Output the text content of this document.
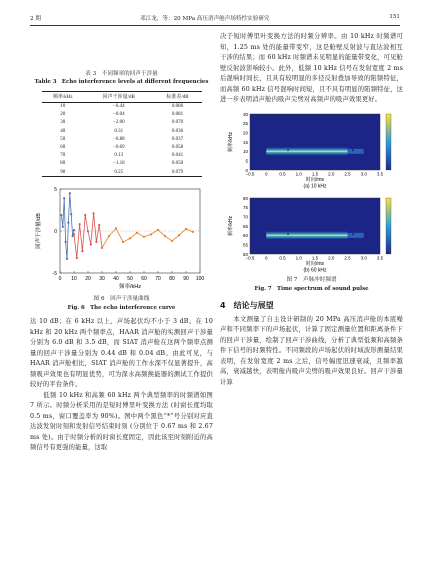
2 期	邓江龙，等：20 MPa 高压消声舱声场特性实验研究	151
表 3　不同频率的回声干涉量
Table 3　Echo interference levels at different frequencies
频率/kHz	回声干涉量/dB	标准差/dB
10	−0.44	0.086
20	−0.04	0.081
30	−2.00	0.070
40	0.31	0.036
50	−0.88	0.037
60	−0.69	0.058
70	0.13	0.041
80	−1.18	0.050
90	0.25	0.079
-5
0
5
0 10 20 30 40 50 60 70 80 90 100
频率/kHz
回声干涉量/dB
图 6　回声干涉量曲线
Fig. 6　The echo interference curve

达 10 dB；在 6 kHz 以上，声场起伏均不小于 3 dB。在 10 kHz 和 20 kHz 两个频率点，HAAR 消声舱的实测回声干涉量分别为 6.0 dB 和 3.5 dB，而 SIAT 消声舱在这两个频率点测量的回声干涉量分别为 0.44 dB 和 0.04 dB。由此可见，与 HAAR 消声舱相比，SIAT 消声舱的工作水深不仅显著提升，高频吸声效果也有明显优势，可为深水高频换能器的测试工作提供较好的平台条件。

　　低频 10 kHz 和高频 60 kHz 两个典型频率的时频谱如图 7 所示。时频分析采用的是短时傅里叶变换方法 (时窗长度均取 0.5 ms，窗口覆盖率为 90%)。图中两个黑色“*”号分别对应直达波发射时刻和发射信号结束时刻 (分别位于 0.67 ms 和 2.67 ms 处)。由于时频分析的时窗长度固定，因此该至时刻附近的高频信号有更强的能量，这取

决于短时傅里叶变换方法的时频分辨率。由 10 kHz 时频谱可知，1.25 ms 处的能量带变窄，这是舱壁反射波与直达波相互干涉的结果；而 60 kHz 时频谱未见明显的能量带变化，可见舱壁反射波影响较小。此外，低频 10 kHz 信号在发射宽度 2 ms 后混响时间长，且具有较明显的多径反射叠加导致的陷频特征，而高频 60 kHz 信号混响时间短，且不具有明显的陷频特征，这进一步表明消声舱内吸声尖劈对高频声的吸声效果更好。

*	*
0
5
10
15
20
25
30
−0.5 0	0.5 1.0 1.5 2.0 2.5 3.0 3.5
时间/ms
(a) 10 kHz
频率/kHz
*	*
50
55
60
65
70
75
80
−0.5 0	0.5 1.0 1.5 2.0 2.5 3.0 3.5
时间/ms
(b) 60 kHz
频率/kHz
图 7　声脉冲时频谱
Fig. 7　Time spectrum of sound pulse
4　结论与展望

　　本文测量了自主设计研制的 20 MPa 高压消声舱的本底噪声和不同频率下的声场起伏，计算了固定测量位置和距离条件下的回声干涉量，绘制了回声干涉曲线，分析了典型低频和高频条件下信号的时频特性。不同频段的声场起伏的时域波形测量结果表明，在发射宽度 2 ms 之后，信号幅度迅速衰减，且频率越高，衰减越快，表明舱内吸声尖劈的吸声效果良好。回声干涉量计算
